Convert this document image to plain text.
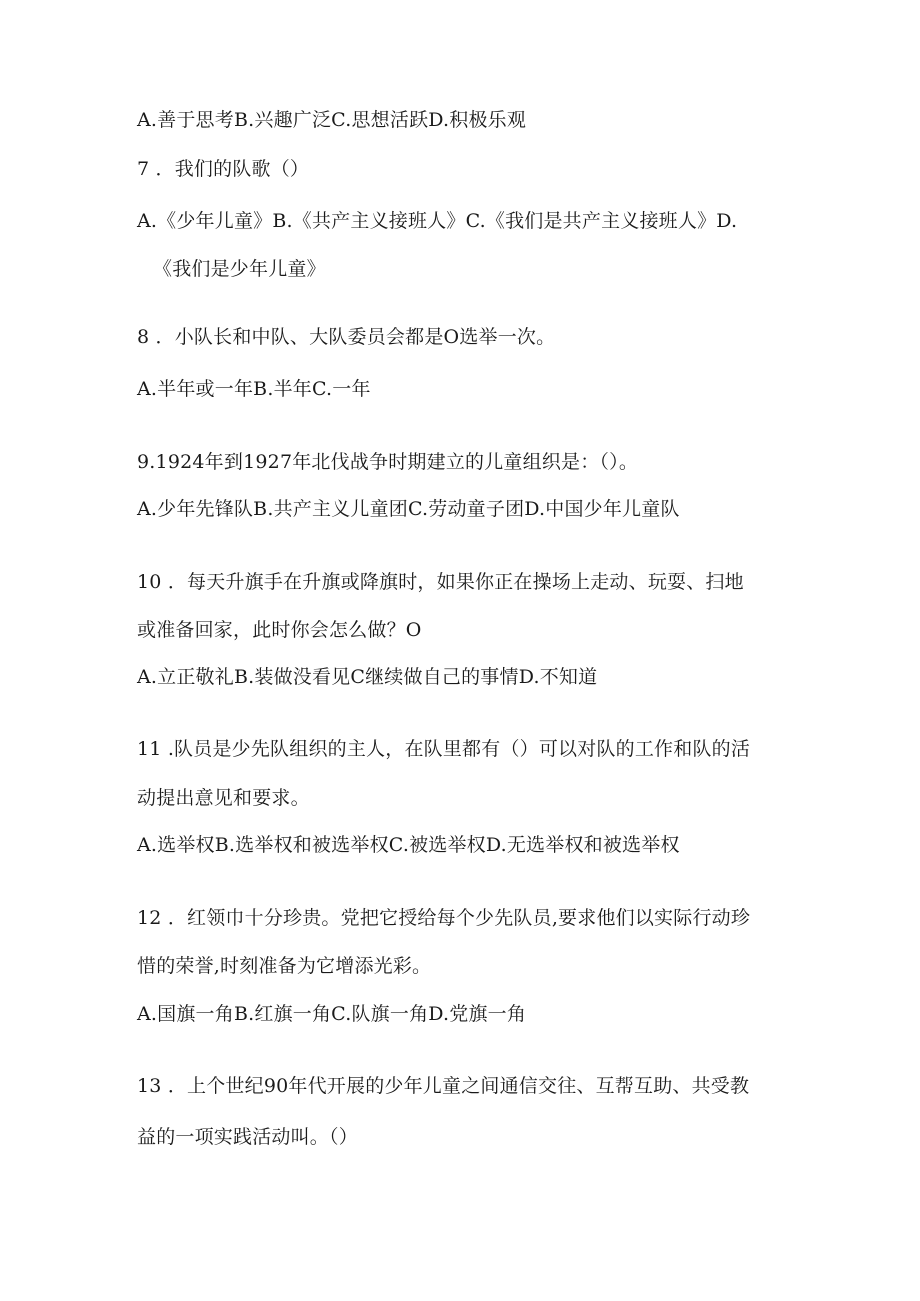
A.善于思考B.兴趣广泛C.思想活跃D.积极乐观
7 ．我们的队歌（）
A.《少年儿童》B.《共产主义接班人》C.《我们是共产主义接班人》D.
《我们是少年儿童》
8 ．小队长和中队、大队委员会都是O选举一次。
A.半年或一年B.半年C.一年
9.1924年到1927年北伐战争时期建立的儿童组织是：（）。
A.少年先锋队B.共产主义儿童团C.劳动童子团D.中国少年儿童队
10 ．每天升旗手在升旗或降旗时，如果你正在操场上走动、玩耍、扫地
或准备回家，此时你会怎么做？O
A.立正敬礼B.装做没看见C继续做自己的事情D.不知道
11 .队员是少先队组织的主人，在队里都有（）可以对队的工作和队的活
动提出意见和要求。
A.选举权B.选举权和被选举权C.被选举权D.无选举权和被选举权
12 ．红领巾十分珍贵。党把它授给每个少先队员,要求他们以实际行动珍
惜的荣誉,时刻准备为它增添光彩。
A.国旗一角B.红旗一角C.队旗一角D.党旗一角
13 ．上个世纪90年代开展的少年儿童之间通信交往、互帮互助、共受教
益的一项实践活动叫。（）
